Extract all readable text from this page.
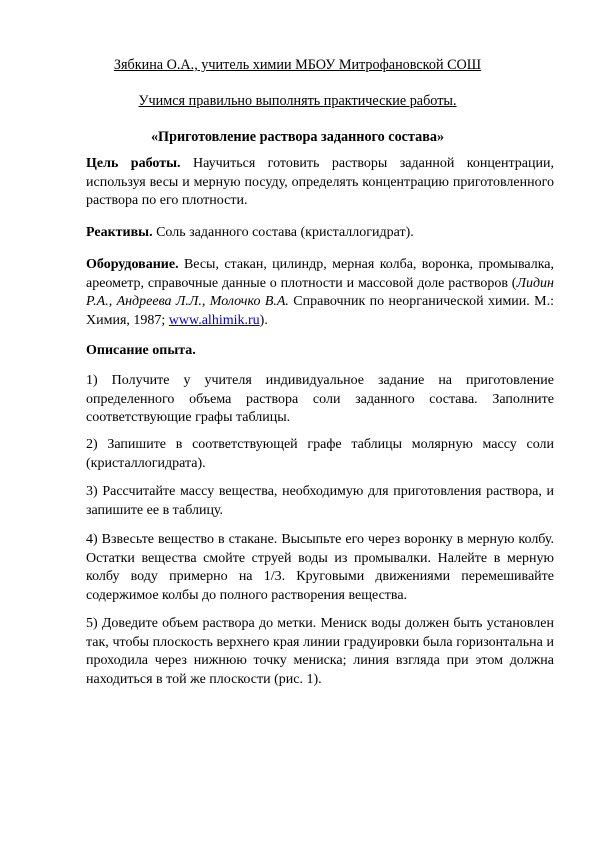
Зябкина О.А., учитель химии МБОУ Митрофановской СОШ
Учимся правильно выполнять практические работы.
«Приготовление раствора заданного состава»
Цель работы. Научиться готовить растворы заданной концентрации,
используя весы и мерную посуду, определять концентрацию приготовленного
раствора по его плотности.
Реактивы. Соль заданного состава (кристаллогидрат).
Оборудование. Весы, стакан, цилиндр, мерная колба, воронка, промывалка,
ареометр, справочные данные о плотности и массовой доле растворов (Лидин
Р.А., Андреева Л.Л., Молочко В.А. Справочник по неорганической химии. М.:
Химия, 1987; www.alhimik.ru).
Описание опыта.
1) Получите у учителя индивидуальное задание на приготовление
определенного объема раствора соли заданного состава. Заполните
соответствующие графы таблицы.
2) Запишите в соответствующей графе таблицы молярную массу соли
(кристаллогидрата).
3) Рассчитайте массу вещества, необходимую для приготовления раствора, и
запишите ее в таблицу.
4) Взвесьте вещество в стакане. Высыпьте его через воронку в мерную колбу.
Остатки вещества смойте струей воды из промывалки. Налейте в мерную
колбу воду примерно на 1/3. Круговыми движениями перемешивайте
содержимое колбы до полного растворения вещества.
5) Доведите объем раствора до метки. Мениск воды должен быть установлен
так, чтобы плоскость верхнего края линии градуировки была горизонтальна и
проходила через нижнюю точку мениска; линия взгляда при этом должна
находиться в той же плоскости (рис. 1).
